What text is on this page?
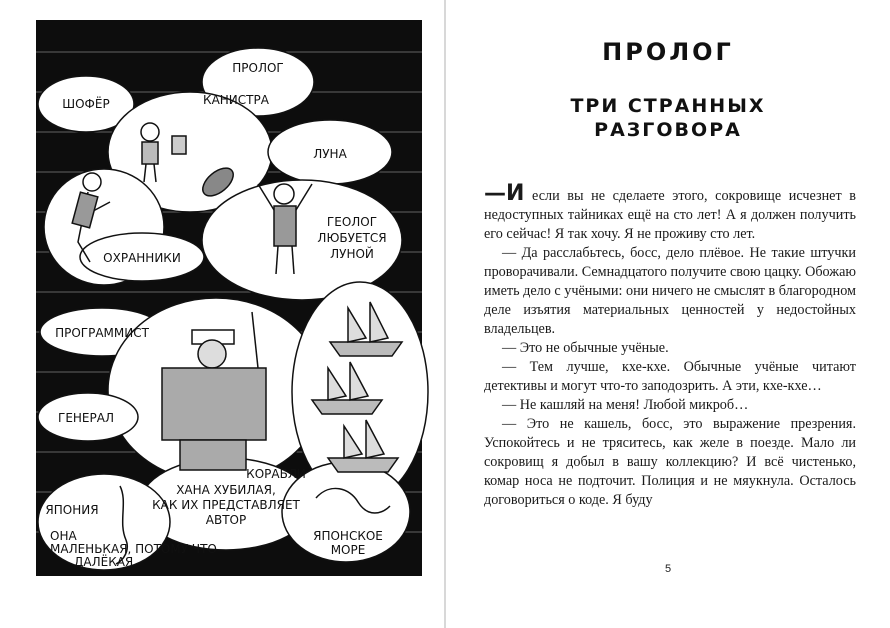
ПРОЛОГ
ШОФЁР	КАНИСТРА
ЛУНА
ОХРАННИКИ
ГЕОЛОГ
ЛЮБУЕТСЯ
ЛУНОЙ
ПРОГРАММИСТ
ГЕНЕРАЛ
КОРАБЛИ
ХАНА ХУБИЛАЯ,
КАК ИХ ПРЕДСТАВЛЯЕТ
АВТОР
ЯПОНИЯ
ОНА
МАЛЕНЬКАЯ, ПОТОМУ ЧТО
ДАЛЁКАЯ
ЯПОНСКОЕ
МОРЕ
ПРОЛОГ
ТРИ СТРАННЫХ
РАЗГОВОРА

—И если вы не сделаете этого, сокровище исчезнет в недоступных тайниках ещё на сто лет! А я должен получить его сейчас! Я так хочу. Я не проживу сто лет.

— Да расслабьтесь, босс, дело плёвое. Не такие штучки проворачивали. Семнадцатого получите свою цацку. Обожаю иметь дело с учёными: они ничего не смыслят в благородном деле изъятия материальных ценностей у недостойных владельцев.

— Это не обычные учёные.

— Тем лучше, кхе-кхе. Обычные учёные читают детективы и могут что-то заподозрить. А эти, кхе-кхе…

— Не кашляй на меня! Любой микроб…

— Это не кашель, босс, это выражение презрения. Успокойтесь и не тряситесь, как желе в поезде. Мало ли сокровищ я добыл в вашу коллекцию? И всё чистенько, комар носа не подточит. Полиция и не мяукнула. Осталось договориться о коде. Я буду

5
